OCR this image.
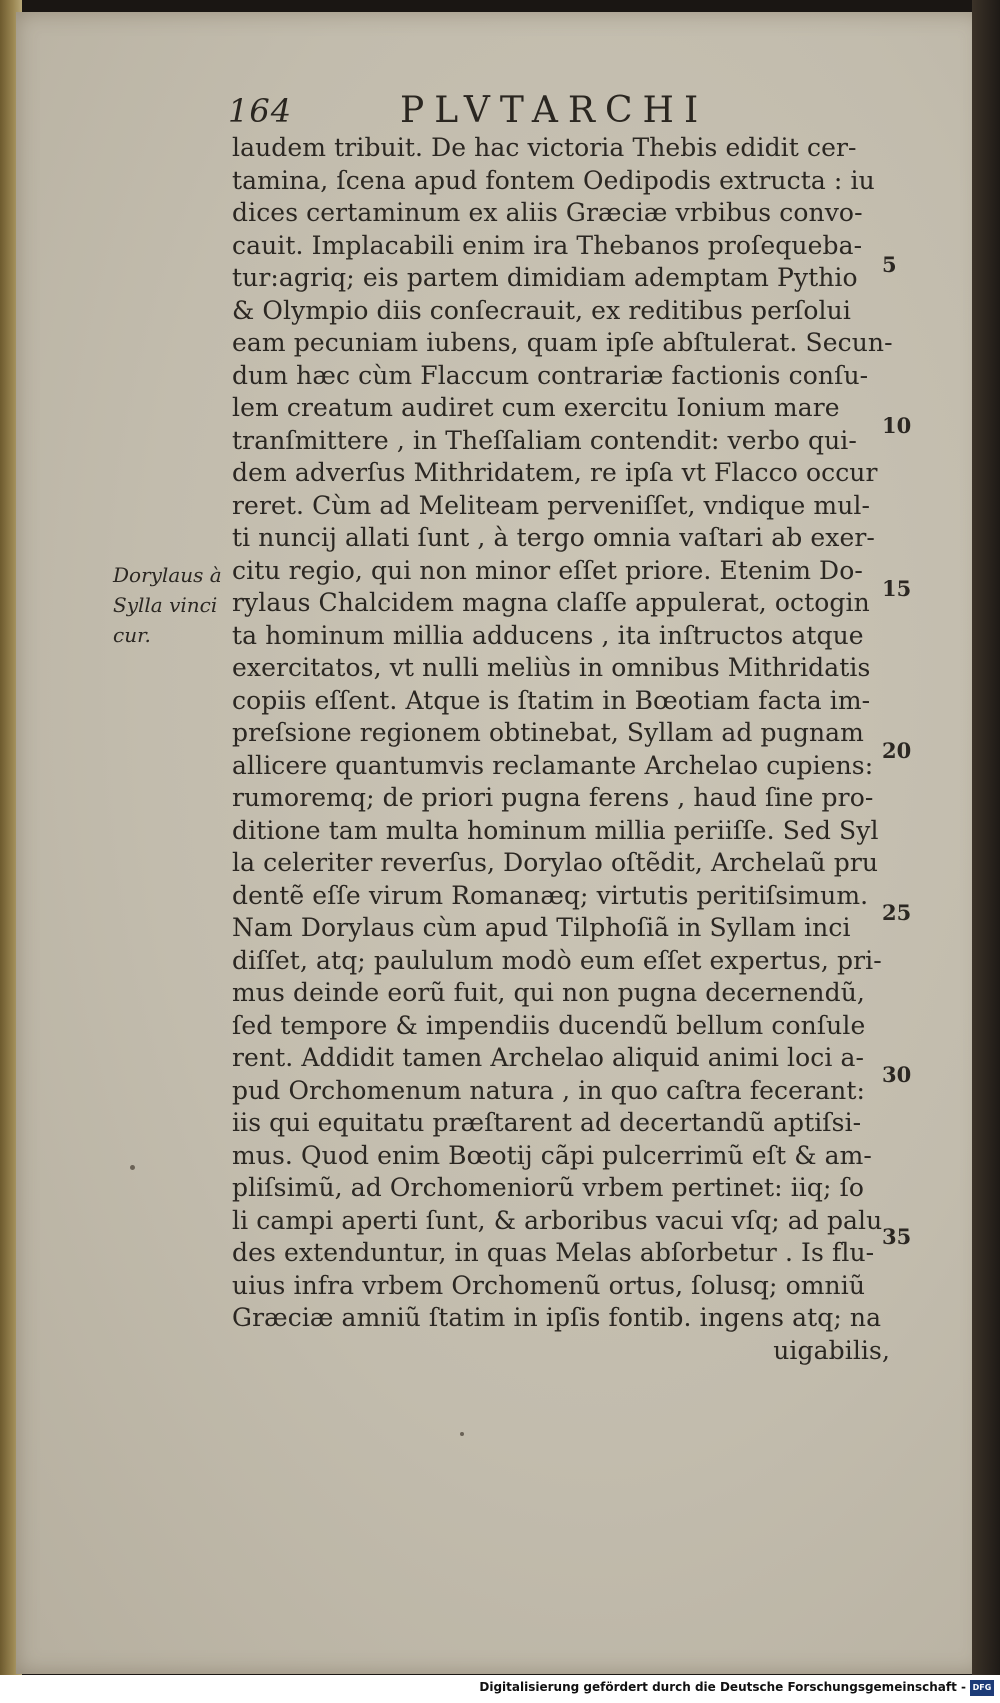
164	PLVTARCHI
laudem tribuit. De hac victoria Thebis edidit cer-
tamina, ſcena apud fontem Oedipodis extructa : iu
dices certaminum ex aliis Græciæ vrbibus convo-
cauit. Implacabili enim ira Thebanos proſequeba-
tur:agriq; eis partem dimidiam ademptam Pythio
& Olympio diis conſecrauit, ex reditibus perſolui
eam pecuniam iubens, quam ipſe abſtulerat. Secun-
dum hæc cùm Flaccum contrariæ factionis conſu-
lem creatum audiret cum exercitu Ionium mare
tranſmittere , in Theſſaliam contendit: verbo qui-
dem adverſus Mithridatem, re ipſa vt Flacco occur
reret. Cùm ad Meliteam perveniſſet, vndique mul-
ti nuncij allati ſunt , à tergo omnia vaſtari ab exer-
citu regio, qui non minor eſſet priore. Etenim Do-
rylaus Chalcidem magna claſſe appulerat, octogin
ta hominum millia adducens , ita inſtructos atque
exercitatos, vt nulli meliùs in omnibus Mithridatis
copiis eſſent. Atque is ſtatim in Bœotiam facta im-
preſsione regionem obtinebat, Syllam ad pugnam
allicere quantumvis reclamante Archelao cupiens:
rumoremq; de priori pugna ferens , haud ſine pro-
ditione tam multa hominum millia periiſſe. Sed Syl
la celeriter reverſus, Dorylao oſtẽdit, Archelaũ pru
dentẽ eſſe virum Romanæq; virtutis peritiſsimum.
Nam Dorylaus cùm apud Tilphoſiã in Syllam inci
diſſet, atq; paululum modò eum eſſet expertus, pri-
mus deinde eorũ fuit, qui non pugna decernendũ,
ſed tempore & impendiis ducendũ bellum conſule
rent. Addidit tamen Archelao aliquid animi loci a-
pud Orchomenum natura , in quo caſtra fecerant:
iis qui equitatu præſtarent ad decertandũ aptiſsi-
mus. Quod enim Bœotij cãpi pulcerrimũ eſt & am-
pliſsimũ, ad Orchomeniorũ vrbem pertinet: iiq; ſo
li campi aperti ſunt, & arboribus vacui vſq; ad palu
des extenduntur, in quas Melas abſorbetur . Is flu-
uius infra vrbem Orchomenũ ortus, ſolusq; omniũ
Græciæ amniũ ſtatim in ipſis fontib. ingens atq; na
uigabilis,
Dorylaus à
Sylla vinci
cur.
5
10
15
20
25
30
35
Digitalisierung gefördert durch die Deutsche Forschungsgemeinschaft - DFG
